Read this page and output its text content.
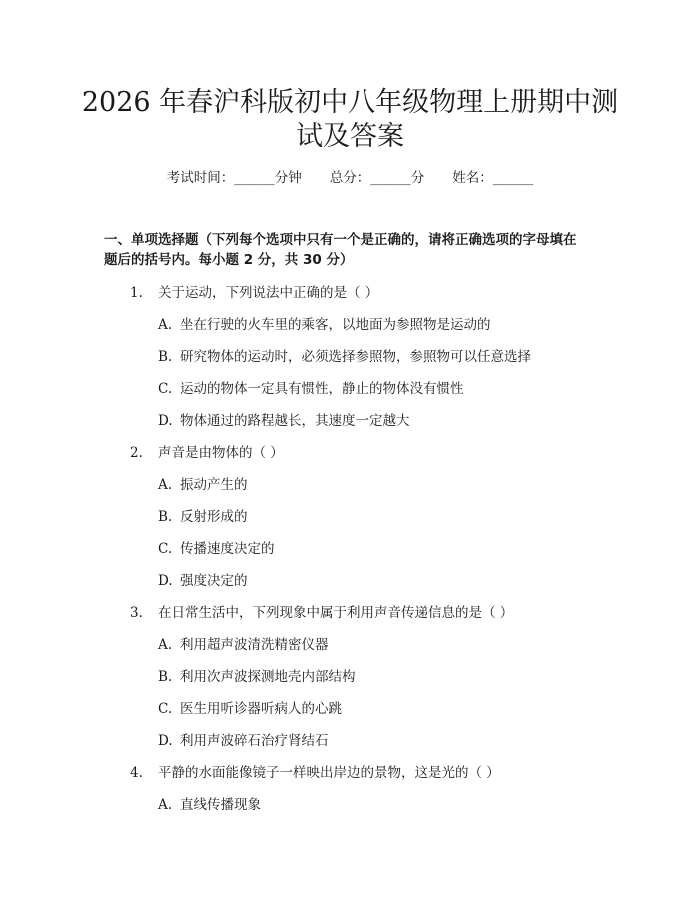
2026 年春沪科版初中八年级物理上册期中测
试及答案
考试时间：______分钟 总分：______分 姓名：______

一、单项选择题（下列每个选项中只有一个是正确的，请将正确选项的字母填在

题后的括号内。每小题 2 分，共 30 分）

1.	关于运动，下列说法中正确的是（ ）
A. 坐在行驶的火车里的乘客，以地面为参照物是运动的
B. 研究物体的运动时，必须选择参照物，参照物可以任意选择
C. 运动的物体一定具有惯性，静止的物体没有惯性
D. 物体通过的路程越长，其速度一定越大
2.	声音是由物体的（ ）
A. 振动产生的
B. 反射形成的
C. 传播速度决定的
D. 强度决定的
3.	在日常生活中，下列现象中属于利用声音传递信息的是（ ）
A. 利用超声波清洗精密仪器
B. 利用次声波探测地壳内部结构
C. 医生用听诊器听病人的心跳
D. 利用声波碎石治疗肾结石
4.	平静的水面能像镜子一样映出岸边的景物，这是光的（ ）
A. 直线传播现象
